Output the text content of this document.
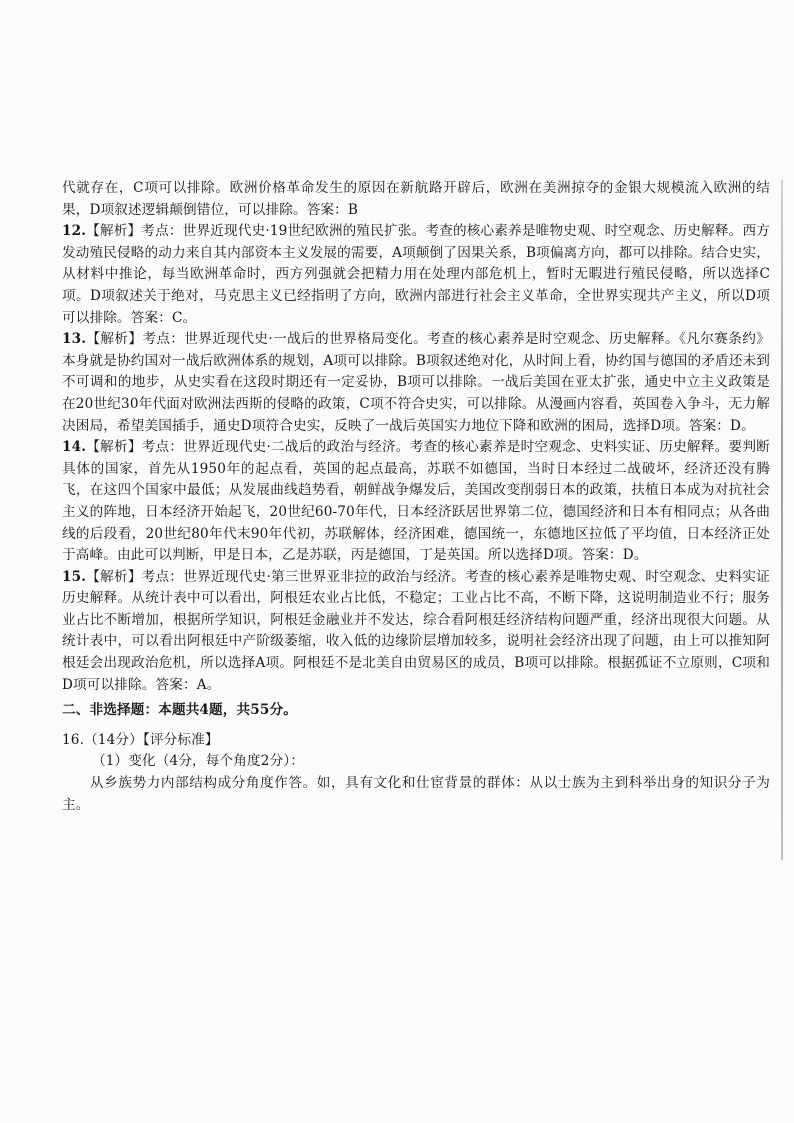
代就存在，C项可以排除。欧洲价格革命发生的原因在新航路开辟后，欧洲在美洲掠夺的金银大规模流入欧洲的结果，D项叙述逻辑颠倒错位，可以排除。答案：B

12.【解析】考点：世界近现代史·19世纪欧洲的殖民扩张。考查的核心素养是唯物史观、时空观念、历史解释。西方发动殖民侵略的动力来自其内部资本主义发展的需要，A项颠倒了因果关系，B项偏离方向，都可以排除。结合史实，从材料中推论，每当欧洲革命时，西方列强就会把精力用在处理内部危机上，暂时无暇进行殖民侵略，所以选择C项。D项叙述关于绝对，马克思主义已经指明了方向，欧洲内部进行社会主义革命，全世界实现共产主义，所以D项可以排除。答案：C。

13.【解析】考点：世界近现代史·一战后的世界格局变化。考查的核心素养是时空观念、历史解释。《凡尔赛条约》本身就是协约国对一战后欧洲体系的规划，A项可以排除。B项叙述绝对化，从时间上看，协约国与德国的矛盾还未到不可调和的地步，从史实看在这段时期还有一定妥协，B项可以排除。一战后美国在亚太扩张，通史中立主义政策是在20世纪30年代面对欧洲法西斯的侵略的政策，C项不符合史实，可以排除。从漫画内容看，英国卷入争斗，无力解决困局，希望美国插手，通史D项符合史实，反映了一战后英国实力地位下降和欧洲的困局，选择D项。答案：D。

14.【解析】考点：世界近现代史·二战后的政治与经济。考查的核心素养是时空观念、史料实证、历史解释。要判断具体的国家，首先从1950年的起点看，英国的起点最高，苏联不如德国，当时日本经过二战破坏，经济还没有腾飞，在这四个国家中最低；从发展曲线趋势看，朝鲜战争爆发后，美国改变削弱日本的政策，扶植日本成为对抗社会主义的阵地，日本经济开始起飞，20世纪60-70年代，日本经济跃居世界第二位，德国经济和日本有相同点；从各曲线的后段看，20世纪80年代末90年代初，苏联解体，经济困难，德国统一，东德地区拉低了平均值，日本经济正处于高峰。由此可以判断，甲是日本，乙是苏联，丙是德国，丁是英国。所以选择D项。答案：D。

15.【解析】考点：世界近现代史·第三世界亚非拉的政治与经济。考查的核心素养是唯物史观、时空观念、史料实证 历史解释。从统计表中可以看出，阿根廷农业占比低，不稳定；工业占比不高，不断下降，这说明制造业不行；服务业占比不断增加，根据所学知识，阿根廷金融业并不发达，综合看阿根廷经济结构问题严重，经济出现很大问题。从统计表中，可以看出阿根廷中产阶级萎缩，收入低的边缘阶层增加较多，说明社会经济出现了问题，由上可以推知阿根廷会出现政治危机，所以选择A项。阿根廷不是北美自由贸易区的成员，B项可以排除。根据孤证不立原则，C项和D项可以排除。答案：A。

二、非选择题：本题共4题，共55分。

16.（14分）【评分标准】

（1）变化（4分，每个角度2分）：

从乡族势力内部结构成分角度作答。如，具有文化和仕宦背景的群体：从以士族为主到科举出身的知识分子为主。
